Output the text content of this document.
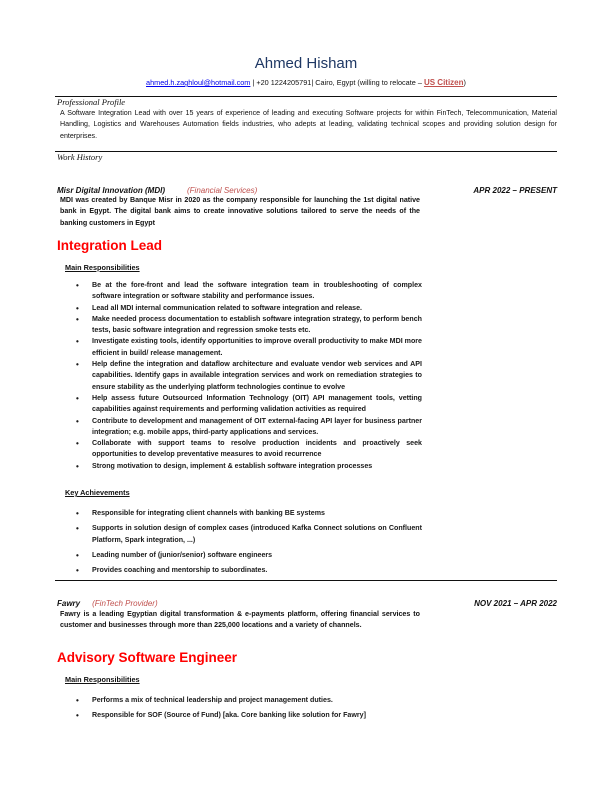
Ahmed Hisham
ahmed.h.zaghloul@hotmail.com | +20 1224205791| Cairo, Egypt (willing to relocate – US Citizen)
Professional Profile
A Software Integration Lead with over 15 years of experience of leading and executing Software projects for within FinTech, Telecommunication, Material Handling, Logistics and Warehouses Automation fields industries, who adepts at leading, validating technical scopes and providing solution design for enterprises.
Work History
Misr Digital Innovation (MDI)	(Financial Services)	APR 2022 – PRESENT
MDI was created by Banque Misr in 2020 as the company responsible for launching the 1st digital native bank in Egypt. The digital bank aims to create innovative solutions tailored to serve the needs of the banking customers in Egypt
Integration Lead
Main Responsibilities
• Be at the fore-front and lead the software integration team in troubleshooting of complex software integration or software stability and performance issues.
• Lead all MDI internal communication related to software integration and release.
• Make needed process documentation to establish software integration strategy, to perform bench tests, basic software integration and regression smoke tests etc.
• Investigate existing tools, identify opportunities to improve overall productivity to make MDI more efficient in build/ release management.
• Help define the integration and dataflow architecture and evaluate vendor web services and API capabilities. Identify gaps in available integration services and work on remediation strategies to ensure stability as the underlying platform technologies continue to evolve
• Help assess future Outsourced Information Technology (OIT) API management tools, vetting capabilities against requirements and performing validation activities as required
• Contribute to development and management of OIT external-facing API layer for business partner integration; e.g. mobile apps, third-party applications and services.
• Collaborate with support teams to resolve production incidents and proactively seek opportunities to develop preventative measures to avoid recurrence
• Strong motivation to design, implement & establish software integration processes
Key Achievements
• Responsible for integrating client channels with banking BE systems
• Supports in solution design of complex cases (introduced Kafka Connect solutions on Confluent Platform, Spark integration, ...)
• Leading number of (junior/senior) software engineers
• Provides coaching and mentorship to subordinates.
Fawry (FinTech Provider)	NOV 2021 – APR 2022
Fawry is a leading Egyptian digital transformation & e-payments platform, offering financial services to customer and businesses through more than 225,000 locations and a variety of channels.
Advisory Software Engineer
Main Responsibilities
• Performs a mix of technical leadership and project management duties.
• Responsible for SOF (Source of Fund) [aka. Core banking like solution for Fawry]
